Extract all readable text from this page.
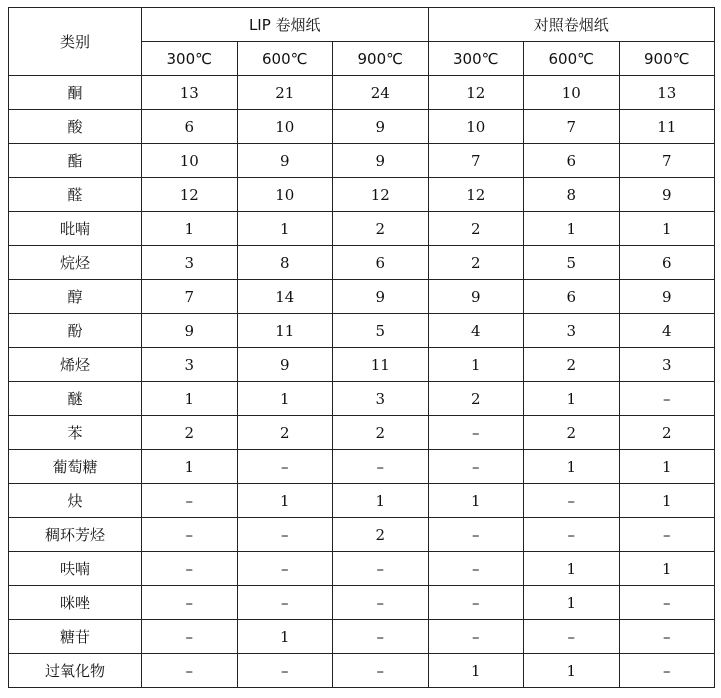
类别	LIP 卷烟纸			对照卷烟纸		
	300℃	600℃	900℃	300℃	600℃	900℃
酮	13	21	24	12	10	13
酸	6	10	9	10	7	11
酯	10	9	9	7	6	7
醛	12	10	12	12	8	9
吡喃	1	1	2	2	1	1
烷烃	3	8	6	2	5	6
醇	7	14	9	9	6	9
酚	9	11	5	4	3	4
烯烃	3	9	11	1	2	3
醚	1	1	3	2	1	–
苯	2	2	2	–	2	2
葡萄糖	1	–	–	–	1	1
炔	–	1	1	1	–	1
稠环芳烃	–	–	2	–	–	–
呋喃	–	–	–	–	1	1
咪唑	–	–	–	–	1	–
糖苷	–	1	–	–	–	–
过氧化物	–	–	–	1	1	–
